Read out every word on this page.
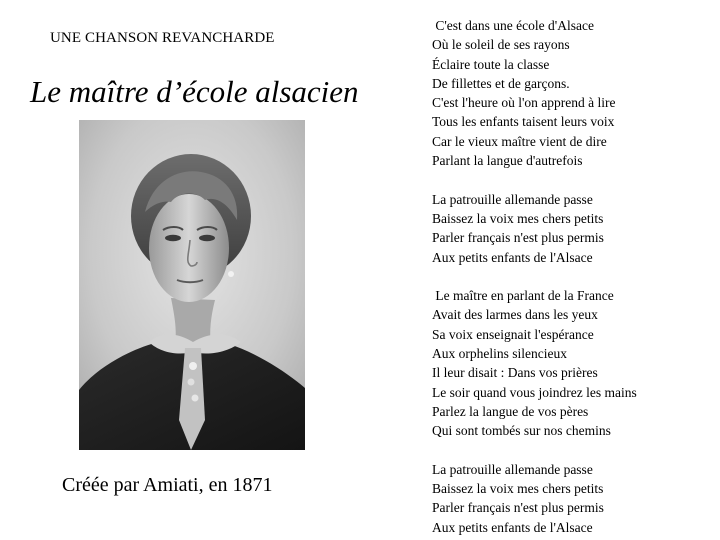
UNE CHANSON REVANCHARDE
Le maître d’école alsacien
Créée par Amiati, en 1871
C'est dans une école d'Alsace
Où le soleil de ses rayons
Éclaire toute la classe
De fillettes et de garçons.
C'est l'heure où l'on apprend à lire
Tous les enfants taisent leurs voix
Car le vieux maître vient de dire
Parlant la langue d'autrefois
La patrouille allemande passe
Baissez la voix mes chers petits
Parler français n'est plus permis
Aux petits enfants de l'Alsace
Le maître en parlant de la France
Avait des larmes dans les yeux
Sa voix enseignait l'espérance
Aux orphelins silencieux
Il leur disait : Dans vos prières
Le soir quand vous joindrez les mains
Parlez la langue de vos pères
Qui sont tombés sur nos chemins
La patrouille allemande passe
Baissez la voix mes chers petits
Parler français n'est plus permis
Aux petits enfants de l'Alsace
